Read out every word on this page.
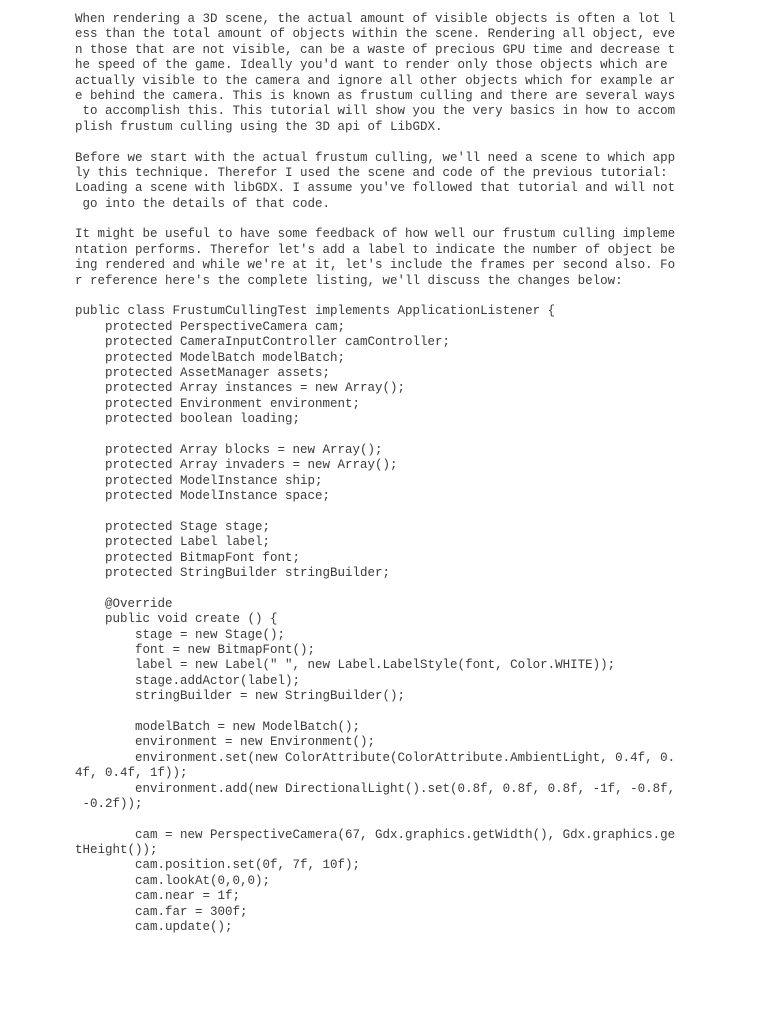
When rendering a 3D scene, the actual amount of visible objects is often a lot l
ess than the total amount of objects within the scene. Rendering all object, eve
n those that are not visible, can be a waste of precious GPU time and decrease t
he speed of the game. Ideally you'd want to render only those objects which are
actually visible to the camera and ignore all other objects which for example ar
e behind the camera. This is known as frustum culling and there are several ways
to accomplish this. This tutorial will show you the very basics in how to accom
plish frustum culling using the 3D api of LibGDX.
Before we start with the actual frustum culling, we'll need a scene to which app
ly this technique. Therefor I used the scene and code of the previous tutorial:
Loading a scene with libGDX. I assume you've followed that tutorial and will not
go into the details of that code.
It might be useful to have some feedback of how well our frustum culling impleme
ntation performs. Therefor let's add a label to indicate the number of object be
ing rendered and while we're at it, let's include the frames per second also. Fo
r reference here's the complete listing, we'll discuss the changes below:
public class FrustumCullingTest implements ApplicationListener {
protected PerspectiveCamera cam;
protected CameraInputController camController;
protected ModelBatch modelBatch;
protected AssetManager assets;
protected Array instances = new Array();
protected Environment environment;
protected boolean loading;
protected Array blocks = new Array();
protected Array invaders = new Array();
protected ModelInstance ship;
protected ModelInstance space;
protected Stage stage;
protected Label label;
protected BitmapFont font;
protected StringBuilder stringBuilder;
@Override
public void create () {
stage = new Stage();
font = new BitmapFont();
label = new Label(" ", new Label.LabelStyle(font, Color.WHITE));
stage.addActor(label);
stringBuilder = new StringBuilder();
modelBatch = new ModelBatch();
environment = new Environment();
environment.set(new ColorAttribute(ColorAttribute.AmbientLight, 0.4f, 0.
4f, 0.4f, 1f));
environment.add(new DirectionalLight().set(0.8f, 0.8f, 0.8f, -1f, -0.8f,
-0.2f));
cam = new PerspectiveCamera(67, Gdx.graphics.getWidth(), Gdx.graphics.ge
tHeight());
cam.position.set(0f, 7f, 10f);
cam.lookAt(0,0,0);
cam.near = 1f;
cam.far = 300f;
cam.update();
